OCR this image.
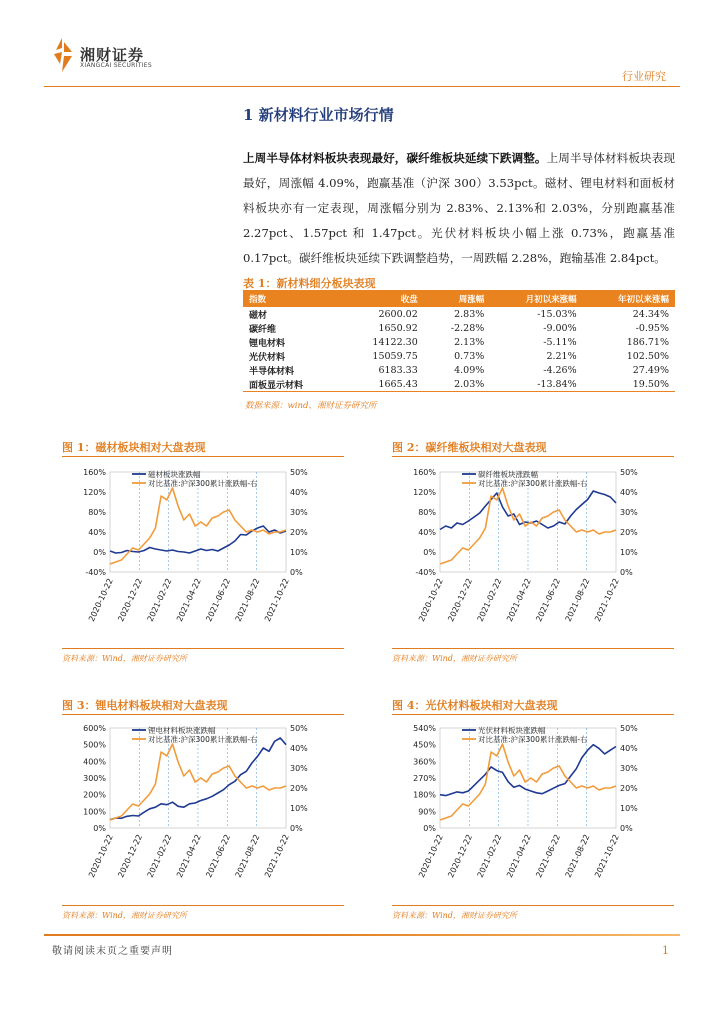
湘财证券
XIANGCAI SECURITIES
行业研究
1 新材料行业市场行情
上周半导体材料板块表现最好，碳纤维板块延续下跌调整。上周半导体材料板块表现最好，周涨幅 4.09%，跑赢基准（沪深 300）3.53pct。磁材、锂电材料和面板材料板块亦有一定表现，周涨幅分别为 2.83%、2.13%和 2.03%，分别跑赢基准 2.27pct、1.57pct 和 1.47pct。光伏材料板块小幅上涨 0.73%，跑赢基准 0.17pct。碳纤维板块延续下跌调整趋势，一周跌幅 2.28%，跑输基准 2.84pct。
表 1：新材料细分板块表现
指数	收盘	周涨幅	月初以来涨幅	年初以来涨幅
磁材	2600.02	2.83%	-15.03%	24.34%
碳纤维	1650.92	-2.28%	-9.00%	-0.95%
锂电材料	14122.30	2.13%	-5.11%	186.71%
光伏材料	15059.75	0.73%	2.21%	102.50%
半导体材料	6183.33	4.09%	-4.26%	27.49%
面板显示材料	1665.43	2.03%	-13.84%	19.50%
数据来源：wind、湘财证券研究所
图 1：磁材板块相对大盘表现
2020-10-22 2020-12-22 2021-02-22 2021-04-22 2021-06-22 2021-08-22 2021-10-22
160%
120%
80%
40%
0%
-40%
50%
40%
30%
20%
10%
0%
磁材板块涨跌幅
对比基准:沪深300累计涨跌幅-右
资料来源：Wind，湘财证券研究所
图 2：碳纤维板块相对大盘表现
2020-10-22 2020-12-22 2021-02-22 2021-04-22 2021-06-22 2021-08-22 2021-10-22
160%
120%
80%
40%
0%
-40%
50%
40%
30%
20%
10%
0%
碳纤维板块涨跌幅
对比基准:沪深300累计涨跌幅-右
资料来源：Wind，湘财证券研究所
图 3：锂电材料板块相对大盘表现
2020-10-22 2020-12-22 2021-02-22 2021-04-22 2021-06-22 2021-08-22 2021-10-22
600%
500%
400%
300%
200%
100%
0%
50%
40%
30%
20%
10%
0%
锂电材料板块涨跌幅
对比基准:沪深300累计涨跌幅-右
资料来源：Wind，湘财证券研究所
图 4：光伏材料板块相对大盘表现
2020-10-22 2020-12-22 2021-02-22 2021-04-22 2021-06-22 2021-08-22 2021-10-22
540%
450%
360%
270%
180%
90%
0%
50%
40%
30%
20%
10%
0%
光伏材料板块涨跌幅
对比基准:沪深300累计涨跌幅-右
资料来源：Wind，湘财证券研究所
敬请阅读末页之重要声明	1
